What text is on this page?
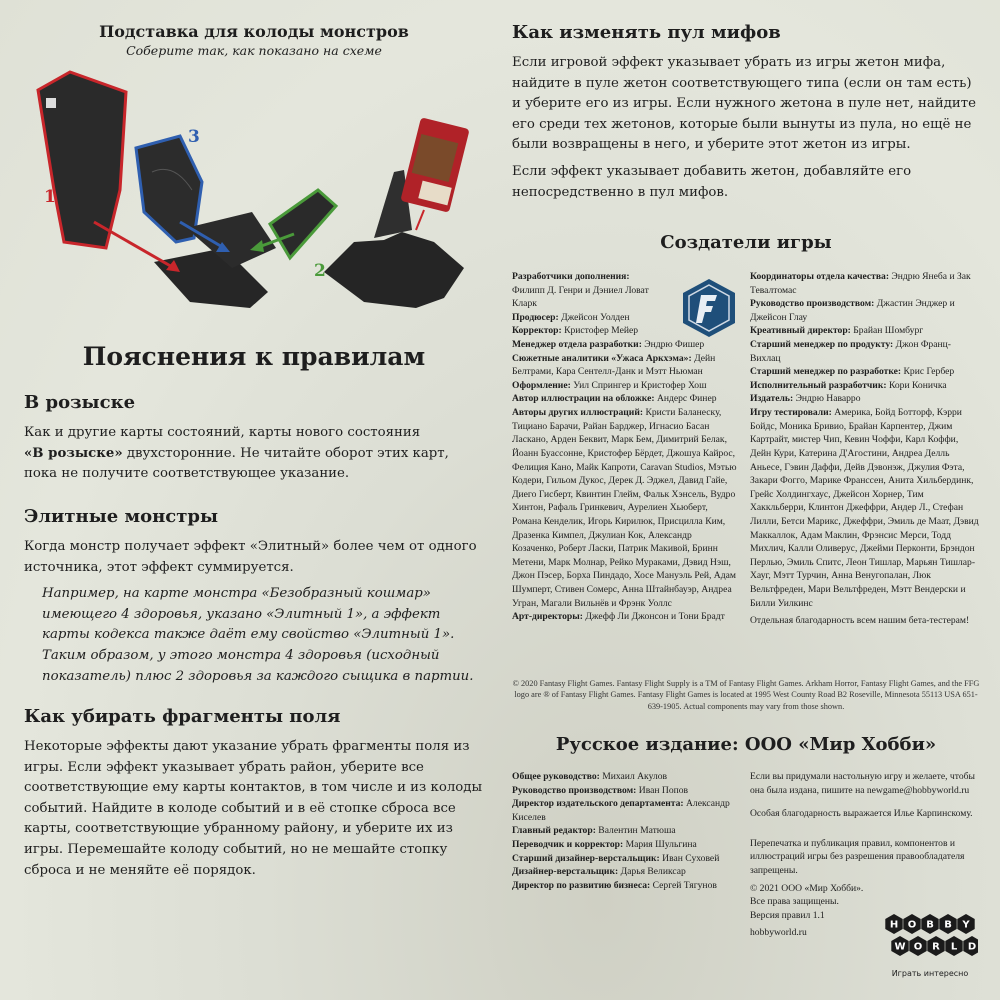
Подставка для колоды монстров

Соберите так, как показано на схеме

1
2
3
Пояснения к правилам
В розыске

Как и другие карты состояний, карты нового состояния
«В розыске» двухсторонние. Не читайте оборот этих карт, пока не получите соответствующее указание.

Элитные монстры

Когда монстр получает эффект «Элитный» более чем от одного источника, этот эффект суммируется.

Например, на карте монстра «Безобразный кошмар» имеющего 4 здоровья, указано «Элитный 1», а эффект карты кодекса также даёт ему свойство «Элитный 1». Таким образом, у этого монстра 4 здоровья (исходный показатель) плюс 2 здоровья за каждого сыщика в партии.

Как убирать фрагменты поля

Некоторые эффекты дают указание убрать фрагменты поля из игры. Если эффект указывает убрать район, уберите все соответствующие ему карты контактов, в том числе и из колоды событий. Найдите в колоде событий и в её стопке сброса все карты, соответствующие убранному району, и уберите их из игры. Перемешайте колоду событий, но не мешайте стопку сброса и не меняйте её порядок.

Как изменять пул мифов

Если игровой эффект указывает убрать из игры жетон мифа, найдите в пуле жетон соответствующего типа (если он там есть) и уберите его из игры. Если нужного жетона в пуле нет, найдите его среди тех жетонов, которые были вынуты из пула, но ещё не были возвращены в него, и уберите этот жетон из игры.

Если эффект указывает добавить жетон, добавляйте его непосредственно в пул мифов.

Создатели игры

Разработчики дополнения: Филипп Д. Генри и Дэниел Ловат Кларк

Продюсер: Джейсон Уолден

Корректор: Кристофер Мейер

Менеджер отдела разработки: Эндрю Фишер

Сюжетные аналитики «Ужаса Аркхэма»: Дейн Белтрами, Кара Сентелл-Данк и Мэтт Ньюман

Оформление: Уил Спрингер и Кристофер Хош

Автор иллюстрации на обложке: Андерс Финер

Авторы других иллюстраций: Кристи Баланеску, Тициано Барачи, Райан Барджер, Игнасио Басан Ласкано, Арден Беквит, Марк Бем, Димитрий Белак, Йоанн Буассонне, Кристофер Бёрдет, Джошуа Кайрос, Фелиция Кано, Майк Капроти, Caravan Studios, Мэтью Кодери, Гильом Дукос, Дерек Д. Эджел, Давид Гайе, Диего Гисберт, Квинтин Глейм, Фальк Хэнсель, Вудро Хинтон, Рафаль Гринкевич, Аурелиен Хьюберт, Романа Кенделик, Игорь Кирилюк, Присцилла Ким, Дразенка Кимпел, Джулиан Кок, Александр Козаченко, Роберт Ласки, Патрик Макивой, Бринн Метени, Марк Молнар, Рейко Мураками, Дэвид Нэш, Джон Пэсер, Борха Пиндадо, Хосе Мануэль Рей, Адам Шумперт, Стивен Сомерс, Анна Штайнбауэр, Андреа Угран, Магали Вильнёв и Фрэнк Уоллс

Арт-директоры: Джефф Ли Джонсон и Тони Брадт

Координаторы отдела качества: Эндрю Янеба и Зак Тевалтомас

Руководство производством: Джастин Энджер и Джейсон Глау

Креативный директор: Брайан Шомбург

Старший менеджер по продукту: Джон Франц-Вихлац

Старший менеджер по разработке: Крис Гербер

Исполнительный разработчик: Кори Коничка

Издатель: Эндрю Наварро

Игру тестировали: Америка, Бойд Ботторф, Кэрри Бойдс, Моника Бривио, Брайан Карпентер, Джим Картрайт, мистер Чип, Кевин Чоффи, Карл Коффи, Дейн Кури, Катерина Д'Агостини, Андреа Делль Аньесе, Гэвин Даффи, Дейв Дэвонэж, Джулия Фэта, Закари Фогго, Марике Франссен, Анита Хильбердинк, Грейс Холдингхаус, Джейсон Хорнер, Тим Хаккльберри, Клинтон Джеффри, Андер Л., Стефан Лилли, Бетси Марикс, Джеффри, Эмиль де Маат, Дэвид Маккаллок, Адам Маклин, Фрэнсис Мерси, Тодд Михлич, Калли Оливерус, Джейми Перконти, Брэндон Перлью, Эмиль Спитс, Леон Тишлар, Марьян Тишлар-Хауг, Мэтт Турчин, Анна Венугопалан, Люк Вельтфреден, Мари Вельтфреден, Мэтт Вендерски и Билли Уилкинс

Отдельная благодарность всем нашим бета-тестерам!

© 2020 Fantasy Flight Games. Fantasy Flight Supply is a TM of Fantasy Flight Games. Arkham Horror, Fantasy Flight Games, and the FFG logo are ® of Fantasy Flight Games. Fantasy Flight Games is located at 1995 West County Road B2 Roseville, Minnesota 55113 USA 651-639-1905. Actual components may vary from those shown.

Русское издание: ООО «Мир Хобби»

Общее руководство: Михаил Акулов

Руководство производством: Иван Попов

Директор издательского департамента: Александр Киселев

Главный редактор: Валентин Матюша

Переводчик и корректор: Мария Шульгина

Старший дизайнер-верстальщик: Иван Суховей

Дизайнер-верстальщик: Дарья Великсар

Директор по развитию бизнеса: Сергей Тягунов

Если вы придумали настольную игру и желаете, чтобы она была издана, пишите на newgame@hobbyworld.ru

Особая благодарность выражается Илье Карпинскому.

Перепечатка и публикация правил, компонентов и иллюстраций игры без разрешения правообладателя запрещены.

© 2021 ООО «Мир Хобби». Все права защищены.

Версия правил 1.1

hobbyworld.ru

H O B B Y
W O R L D
Играть интересно
